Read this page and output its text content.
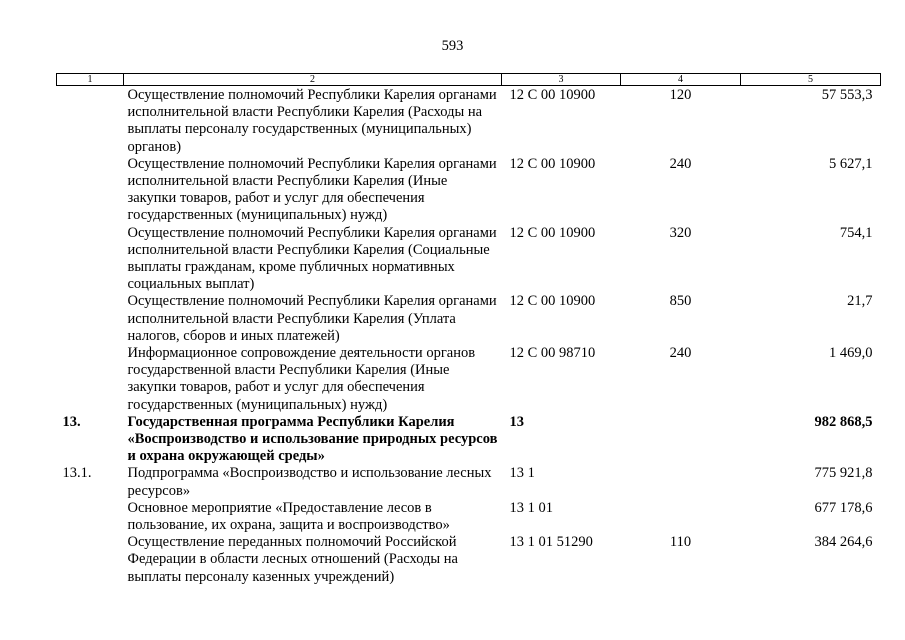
593
1	2	3	4	5
	Осуществление полномочий Республики Карелия органами исполнительной власти Республики Карелия (Расходы на выплаты персоналу государственных (муниципальных) органов)	12 С 00 10900	120	57 553,3
	Осуществление полномочий Республики Карелия органами исполнительной власти Республики Карелия (Иные закупки товаров, работ и услуг для обеспечения государственных (муниципальных) нужд)	12 С 00 10900	240	5 627,1
	Осуществление полномочий Республики Карелия органами исполнительной власти Республики Карелия (Социальные выплаты гражданам, кроме публичных нормативных социальных выплат)	12 С 00 10900	320	754,1
	Осуществление полномочий Республики Карелия органами исполнительной власти Республики Карелия (Уплата налогов, сборов и иных платежей)	12 С 00 10900	850	21,7
	Информационное сопровождение деятельности органов государственной власти Республики Карелия (Иные закупки товаров, работ и услуг для обеспечения государственных (муниципальных) нужд)	12 С 00 98710	240	1 469,0
13.	Государственная программа Республики Карелия «Воспроизводство и использование природных ресурсов и охрана окружающей среды»	13		982 868,5
13.1.	Подпрограмма «Воспроизводство и использование лесных ресурсов»	13 1		775 921,8
	Основное мероприятие «Предоставление лесов в пользование, их охрана, защита и воспроизводство»	13 1 01		677 178,6
	Осуществление переданных полномочий Российской Федерации в области лесных отношений (Расходы на выплаты персоналу казенных учреждений)	13 1 01 51290	110	384 264,6
